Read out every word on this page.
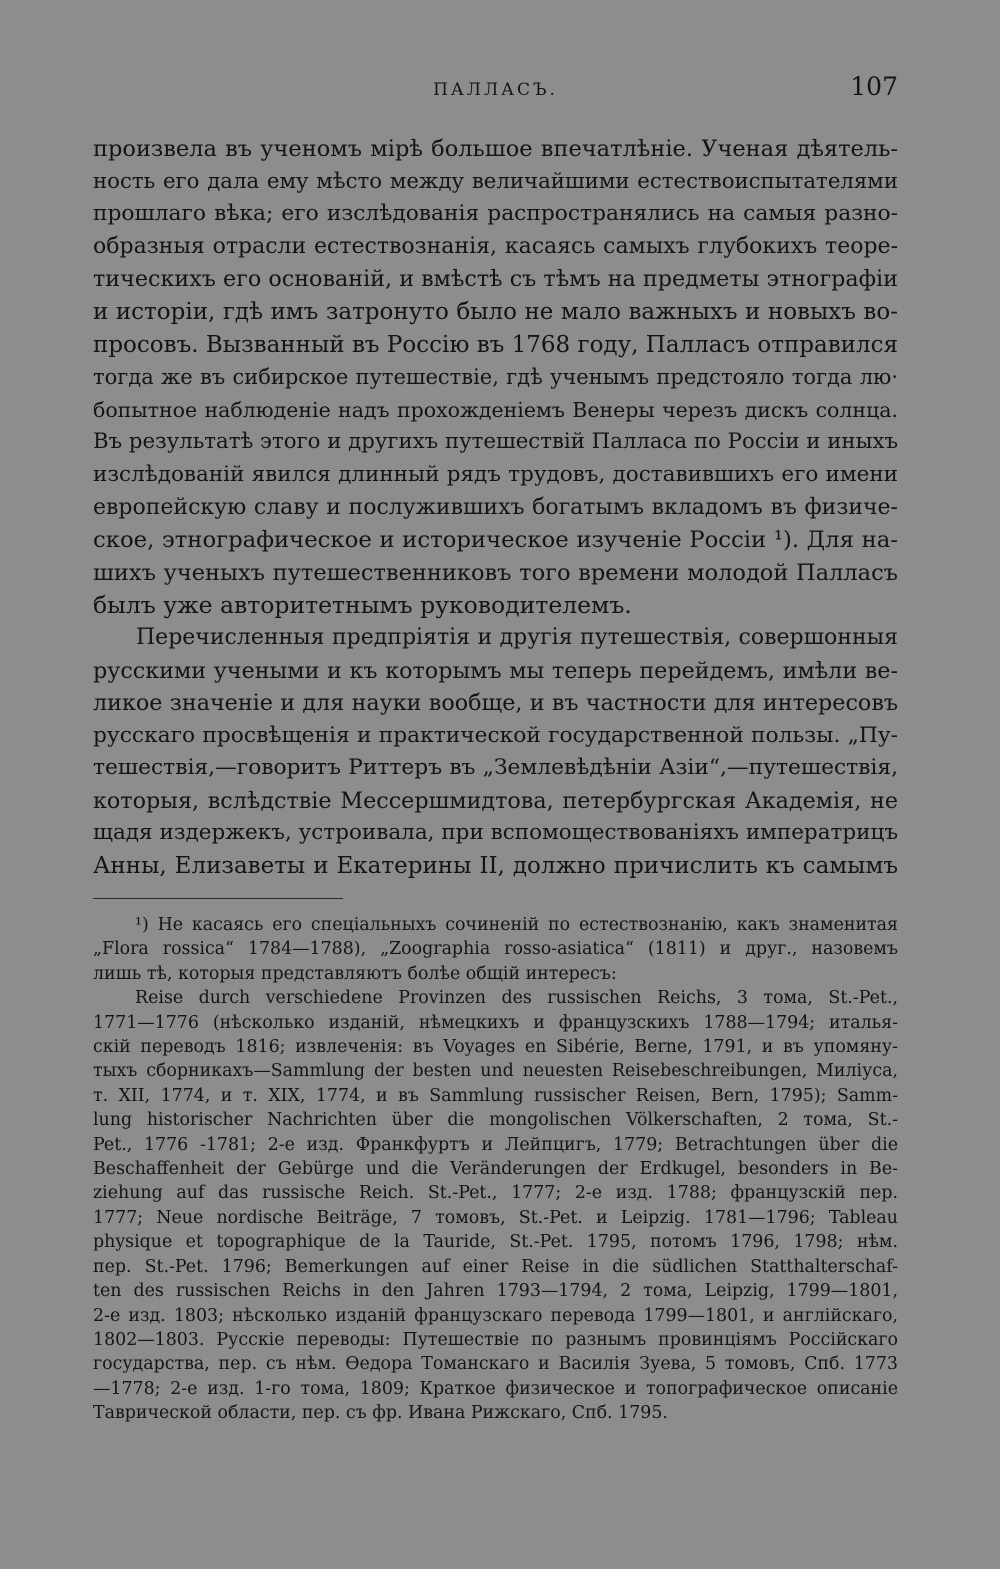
ПАЛЛАСЪ.	107
произвела въ ученомъ мірѣ большое впечатлѣніе. Ученая дѣятель-
ность его дала ему мѣсто между величайшими естествоиспытателями
прошлаго вѣка; его изслѣдованія распространялись на самыя разно-
образныя отрасли естествознанія, касаясь самыхъ глубокихъ теоре-
тическихъ его основаній, и вмѣстѣ съ тѣмъ на предметы этнографіи
и исторіи, гдѣ имъ затронуто было не мало важныхъ и новыхъ во-
просовъ. Вызванный въ Россію въ 1768 году, Палласъ отправился
тогда же въ сибирское путешествіе, гдѣ ученымъ предстояло тогда лю·
бопытное наблюденіе надъ прохожденіемъ Венеры черезъ дискъ солнца.
Въ результатѣ этого и другихъ путешествій Палласа по Россіи и иныхъ
изслѣдованій явился длинный рядъ трудовъ, доставившихъ его имени
европейскую славу и послужившихъ богатымъ вкладомъ въ физиче-
ское, этнографическое и историческое изученіе Россіи ¹). Для на-
шихъ ученыхъ путешественниковъ того времени молодой Палласъ
былъ уже авторитетнымъ руководителемъ.
Перечисленныя предпріятія и другія путешествія, совершонныя
русскими учеными и къ которымъ мы теперь перейдемъ, имѣли ве-
ликое значеніе и для науки вообще, и въ частности для интересовъ
русскаго просвѣщенія и практической государственной пользы. „Пу-
тешествія,—говоритъ Риттеръ въ „Землевѣдѣніи Азіи“,—путешествія,
которыя, вслѣдствіе Мессершмидтова, петербургская Академія, не
щадя издержекъ, устроивала, при вспомоществованіяхъ императрицъ
Анны, Елизаветы и Екатерины II, должно причислить къ самымъ
¹) Не касаясь его спеціальныхъ сочиненій по естествознанію, какъ знаменитая
„Flora rossica“ 1784—1788), „Zoographia rosso-asiatica“ (1811) и друг., назовемъ
лишь тѣ, которыя представляютъ болѣе общій интересъ:
Reise durch verschiedene Provinzen des russischen Reichs, 3 тома, St.-Pet.,
1771—1776 (нѣсколько изданій, нѣмецкихъ и французскихъ 1788—1794; италья-
скій переводъ 1816; извлеченія: въ Voyages en Sibérie, Berne, 1791, и въ упомяну-
тыхъ сборникахъ—Sammlung der besten und neuesten Reisebeschreibungen, Миліуса,
т. XII, 1774, и т. XIX, 1774, и въ Sammlung russischer Reisen, Bern, 1795); Samm-
lung historischer Nachrichten über die mongolischen Völkerschaften, 2 тома, St.-
Pet., 1776 -1781; 2-е изд. Франкфуртъ и Лейпцигъ, 1779; Betrachtungen über die
Beschaffenheit der Gebürge und die Veränderungen der Erdkugel, besonders in Be-
ziehung auf das russische Reich. St.-Pet., 1777; 2-е изд. 1788; французскій пер.
1777; Neue nordische Beiträge, 7 томовъ, St.-Pet. и Leipzig. 1781—1796; Tableau
physique et topographique de la Tauride, St.-Pet. 1795, потомъ 1796, 1798; нѣм.
пер. St.-Pet. 1796; Bemerkungen auf einer Reise in die südlichen Statthalterschaf-
ten des russischen Reichs in den Jahren 1793—1794, 2 тома, Leipzig, 1799—1801,
2-е изд. 1803; нѣсколько изданій французскаго перевода 1799—1801, и англійскаго,
1802—1803. Русскіе переводы: Путешествіе по разнымъ провинціямъ Россійскаго
государства, пер. съ нѣм. Ѳедора Томанскаго и Василія Зуева, 5 томовъ, Спб. 1773
—1778; 2-е изд. 1-го тома, 1809; Краткое физическое и топографическое описаніе
Таврической области, пер. съ фр. Ивана Рижскаго, Спб. 1795.
